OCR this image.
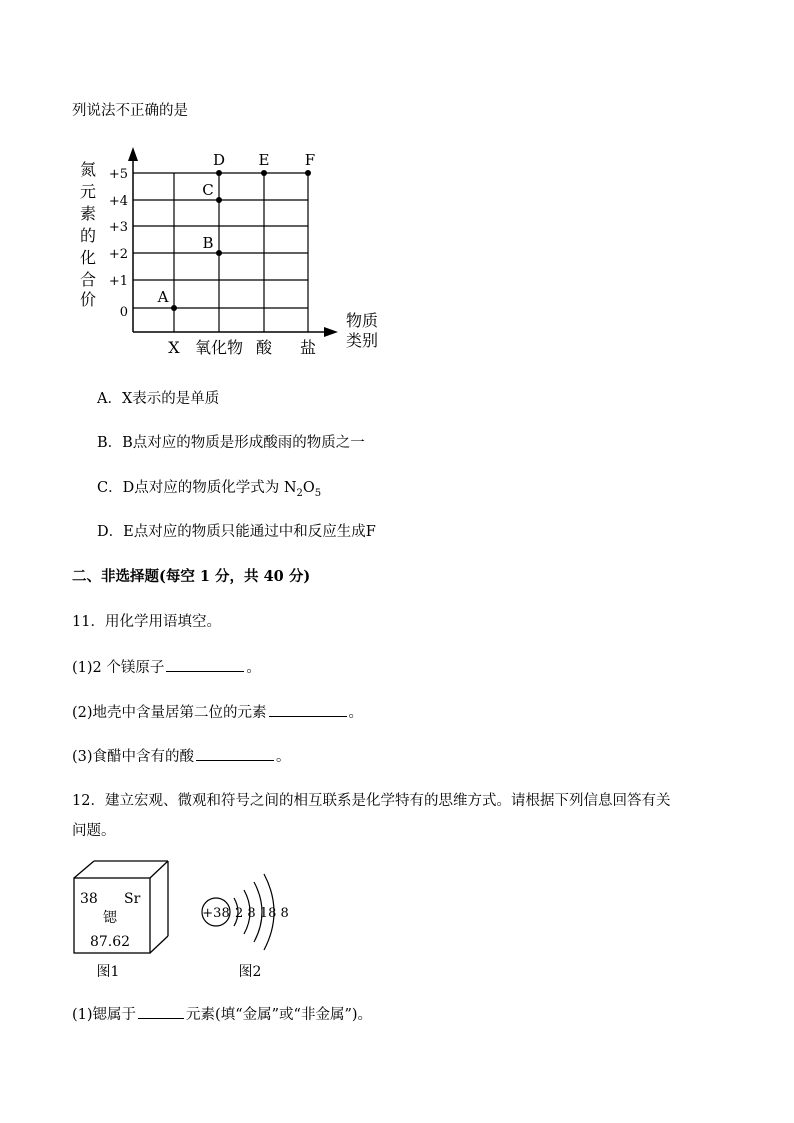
列说法不正确的是
氮
元
素
的
化
合
价
+5
+4
+3
+2
+1
0
X 氧化物 酸 盐
物质
类别
A
B
C
D E F
A．X表示的是单质
B．B点对应的物质是形成酸雨的物质之一
C．D点对应的物质化学式为 $N_2O_5$
D．E点对应的物质只能通过中和反应生成F
二、非选择题(每空 1 分，共 40 分)
11．用化学用语填空。
(1)2 个镁原子	。
(2)地壳中含量居第二位的元素	。
(3)食醋中含有的酸	。
12．建立宏观、微观和符号之间的相互联系是化学特有的思维方式。请根据下列信息回答有关
问题。
38 Sr
锶
87.62
图1
+38 2 8 18 8
图2
(1)锶属于	元素(填“金属”或“非金属”)。
